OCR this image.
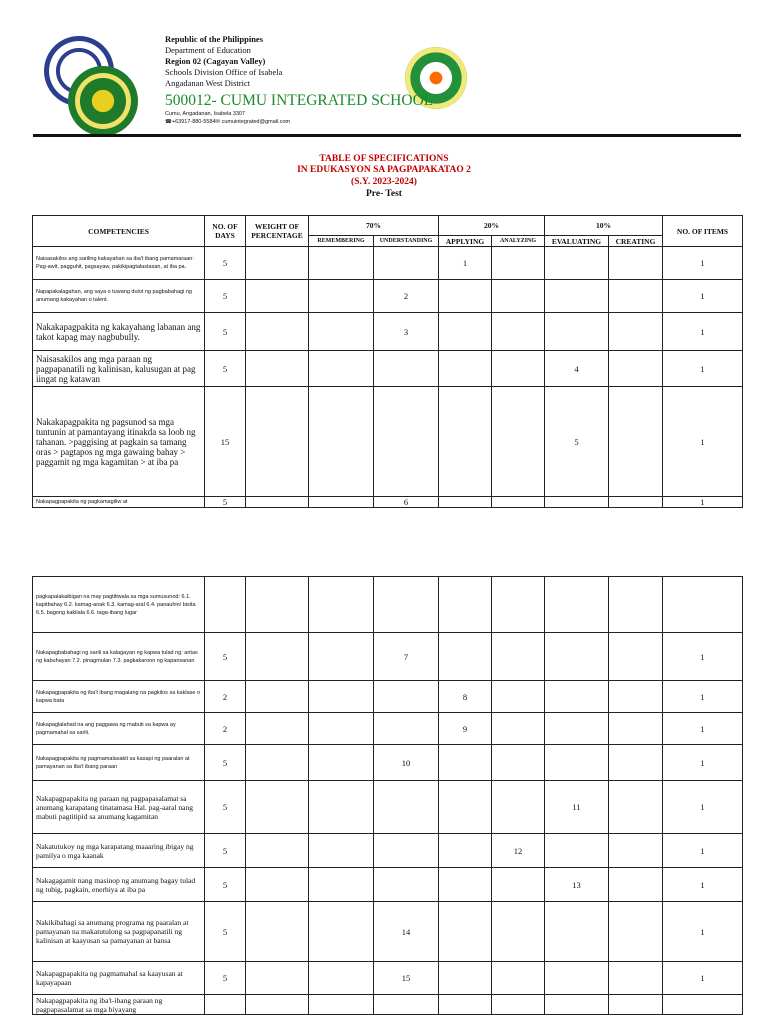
Republic of the Philippines
Department of Education
Region 02 (Cagayan Valley)
Schools Division Office of Isabela
Angadanan West District
500012- CUMU INTEGRATED SCHOOL
Cumu, Angadanan, Isabela 3307
☎+63917-880-5584✉ cumuintegrated@gmail.com
TABLE OF SPECIFICATIONS
IN EDUKASYON SA PAGPAPAKATAO 2
(S.Y. 2023-2024)
Pre- Test
COMPETENCIES	NO. OF DAYS	WEIGHT OF PERCENTAGE	70%		20%		10%		NO. OF ITEMS
			REMEMBERING	UNDERSTANDING	APPLYING	ANALYZING	EVALUATING	CREATING	
Naisasakilos ang sariling kakayahan sa iba't ibang pamamaraan: Pag-awit, pagguhit, pagsayaw, pakikipagtalastasan, at iba pa.	5				1				1
Napapakalagahan, ang saya o tuwang dulot ng pagbabahagi ng anumang kakayahan o talent.	5			2					1
Nakakapagpakita ng kakayahang labanan ang takot kapag may nagbubully.	5			3					1
Naisasakilos ang mga paraan ng pagpapanatili ng kalinisan, kalusugan at pag iingat ng katawan	5						4		1
Nakakapagpakita ng pagsunod sa mga tuntunin at pamantayang itinakda sa loob ng tahanan. >paggising at pagkain sa tamang oras > pagtapos ng mga gawaing bahay > paggamit ng mga kagamitan > at iba pa	15						5		1
Nakapagpapakita ng pagkamagiliw at	5			6					1
pagkapalakaibigan na may pagtitiwala sa mga sumusunod: 6.1. kapitbahay 6.2. kamag-anak 6.3. kamag-aral 6.4. panauhin/ bisita 6.5. bagong kakilala 6.6. taga-ibang lugar									
Nakapagbabahagi ng sarili sa kalagayan ng kapwa tulad ng: antas ng kabuhayan 7.2. pinagmulan 7.3. pagkakaroon ng kapansanan	5			7					1
Nakapagpapakita ng iba't ibang magalang na pagkilos sa kaklase o kapwa bata	2				8				1
Nakapaglalahad na ang paggawa ng mabuti sa kapwa ay pagmamahal sa sarili.	2				9				1
Nakapagpapakita ng pagmamalasakit sa kasapi ng paaralan at pamayanan sa iba't ibang paraan	5			10					1
Nakapagpapakita ng paraan ng pagpapasalamat sa anumang karapatang tinatamasa Hal. pag-aaral nang mabuti pagtitipid sa anumang kagamitan	5						11		1
Nakatutukoy ng mga karapatang maaaring ibigay ng pamilya o mga kaanak	5					12			1
Nakagagamit nang masinop ng anumang bagay tulad ng tubig, pagkain, enerhiya at iba pa	5						13		1
Nakikibahagi sa anumang programa ng paaralan at pamayanan na makatutulong sa pagpapanatili ng kalinisan at kaayusan sa pamayanan at bansa	5			14					1
Nakapagpapakita ng pagmamahal sa kaayusan at kapayapaan	5			15					1
Nakapagpapakita ng iba't-ibang paraan ng pagpapasalamat sa mga biyayang									
